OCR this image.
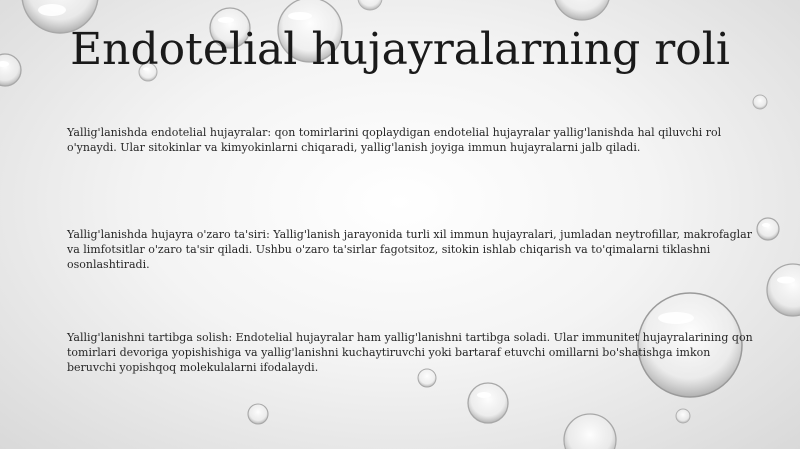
Endotelial hujayralarning roli

Yallig'lanishda endotelial hujayralar: qon tomirlarini qoplaydigan endotelial hujayralar yallig'lanishda hal qiluvchi rol o'ynaydi. Ular sitokinlar va kimyokinlarni chiqaradi, yallig'lanish joyiga immun hujayralarni jalb qiladi.

Yallig'lanishda hujayra o'zaro ta'siri: Yallig'lanish jarayonida turli xil immun hujayralari, jumladan neytrofillar, makrofaglar va limfotsitlar o'zaro ta'sir qiladi. Ushbu o'zaro ta'sirlar fagotsitoz, sitokin ishlab chiqarish va to'qimalarni tiklashni osonlashtiradi.

Yallig'lanishni tartibga solish: Endotelial hujayralar ham yallig'lanishni tartibga soladi. Ular immunitet hujayralarining qon tomirlari devoriga yopishishiga va yallig'lanishni kuchaytiruvchi yoki bartaraf etuvchi omillarni bo'shatishga imkon beruvchi yopishqoq molekulalarni ifodalaydi.
